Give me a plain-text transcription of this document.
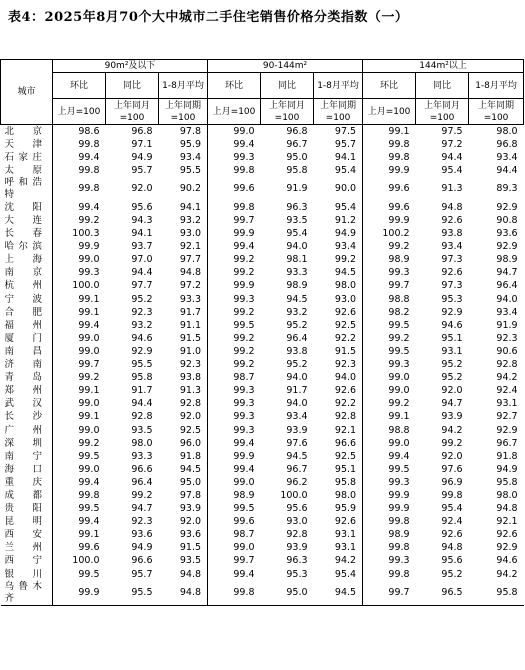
表4：2025年8月70个大中城市二手住宅销售价格分类指数（一）
城市	90m²及以下			90-144m²			144m²以上		
	环比	同比	1-8月平均	环比	同比	1-8月平均	环比	同比	1-8月平均
	上月=100	上年同月=100	上年同期=100	上月=100	上年同月=100	上年同期=100	上月=100	上年同月=100	上年同期=100
北京	98.6	96.8	97.8	99.0	96.8	97.5	99.1	97.5	98.0
天津	99.8	97.1	95.9	99.4	96.7	95.7	99.8	97.2	96.8
石家庄	99.4	94.9	93.4	99.3	95.0	94.1	99.8	94.4	93.4
太原	99.8	95.7	95.5	99.8	95.8	95.4	99.9	95.4	94.4
呼和浩特	99.8	92.0	90.2	99.6	91.9	90.0	99.6	91.3	89.3
沈阳	99.4	95.6	94.1	99.8	96.3	95.4	99.6	94.8	92.9
大连	99.2	94.3	93.2	99.7	93.5	91.2	99.9	92.6	90.8
长春	100.3	94.1	93.0	99.9	95.4	94.9	100.2	93.8	93.6
哈尔滨	99.9	93.7	92.1	99.4	94.0	93.4	99.2	93.4	92.9
上海	99.0	97.0	97.7	99.2	98.1	99.2	98.9	97.3	98.9
南京	99.3	94.4	94.8	99.2	93.3	94.5	99.3	92.6	94.7
杭州	100.0	97.7	97.2	99.9	98.9	98.0	99.7	97.3	96.4
宁波	99.1	95.2	93.3	99.3	94.5	93.0	98.8	95.3	94.0
合肥	99.1	92.3	91.7	99.2	93.2	92.6	98.2	92.9	93.4
福州	99.4	93.2	91.1	99.5	95.2	92.5	99.5	94.6	91.9
厦门	99.0	94.6	91.5	99.2	96.4	92.2	99.2	95.1	92.3
南昌	99.0	92.9	91.0	99.2	93.8	91.5	99.5	93.1	90.6
济南	99.7	95.5	92.3	99.2	95.2	92.3	99.3	95.2	92.8
青岛	99.2	95.8	93.8	98.7	94.0	94.0	99.0	95.2	94.2
郑州	99.1	91.7	91.3	99.3	91.7	92.6	99.0	92.0	92.4
武汉	99.0	94.4	92.8	99.3	94.0	92.2	99.2	94.7	93.1
长沙	99.1	92.8	92.0	99.3	93.4	92.8	99.1	93.9	92.7
广州	99.0	93.5	92.5	99.3	93.9	92.1	98.8	94.2	92.9
深圳	99.2	98.0	96.0	99.4	97.6	96.6	99.0	99.2	96.7
南宁	99.5	93.3	91.8	99.9	94.5	92.5	99.4	92.0	91.8
海口	99.0	96.6	94.5	99.4	96.7	95.1	99.5	97.6	94.9
重庆	99.4	96.4	95.0	99.0	96.2	95.8	99.3	96.9	95.8
成都	99.8	99.2	97.8	98.9	100.0	98.0	99.9	99.8	98.0
贵阳	99.5	94.7	93.9	99.5	95.6	95.9	99.9	95.4	94.8
昆明	99.4	92.3	92.0	99.6	93.0	92.6	99.8	92.4	92.1
西安	99.1	93.6	93.6	98.7	92.8	93.1	98.9	92.6	92.6
兰州	99.6	94.9	91.5	99.0	93.9	93.1	99.8	94.8	92.9
西宁	100.0	96.6	93.5	99.7	96.3	94.2	99.3	95.6	94.6
银川	99.5	95.7	94.8	99.4	95.3	95.4	99.8	95.2	94.2
乌鲁木齐	99.9	95.5	94.8	99.8	95.0	94.5	99.7	96.5	95.8
